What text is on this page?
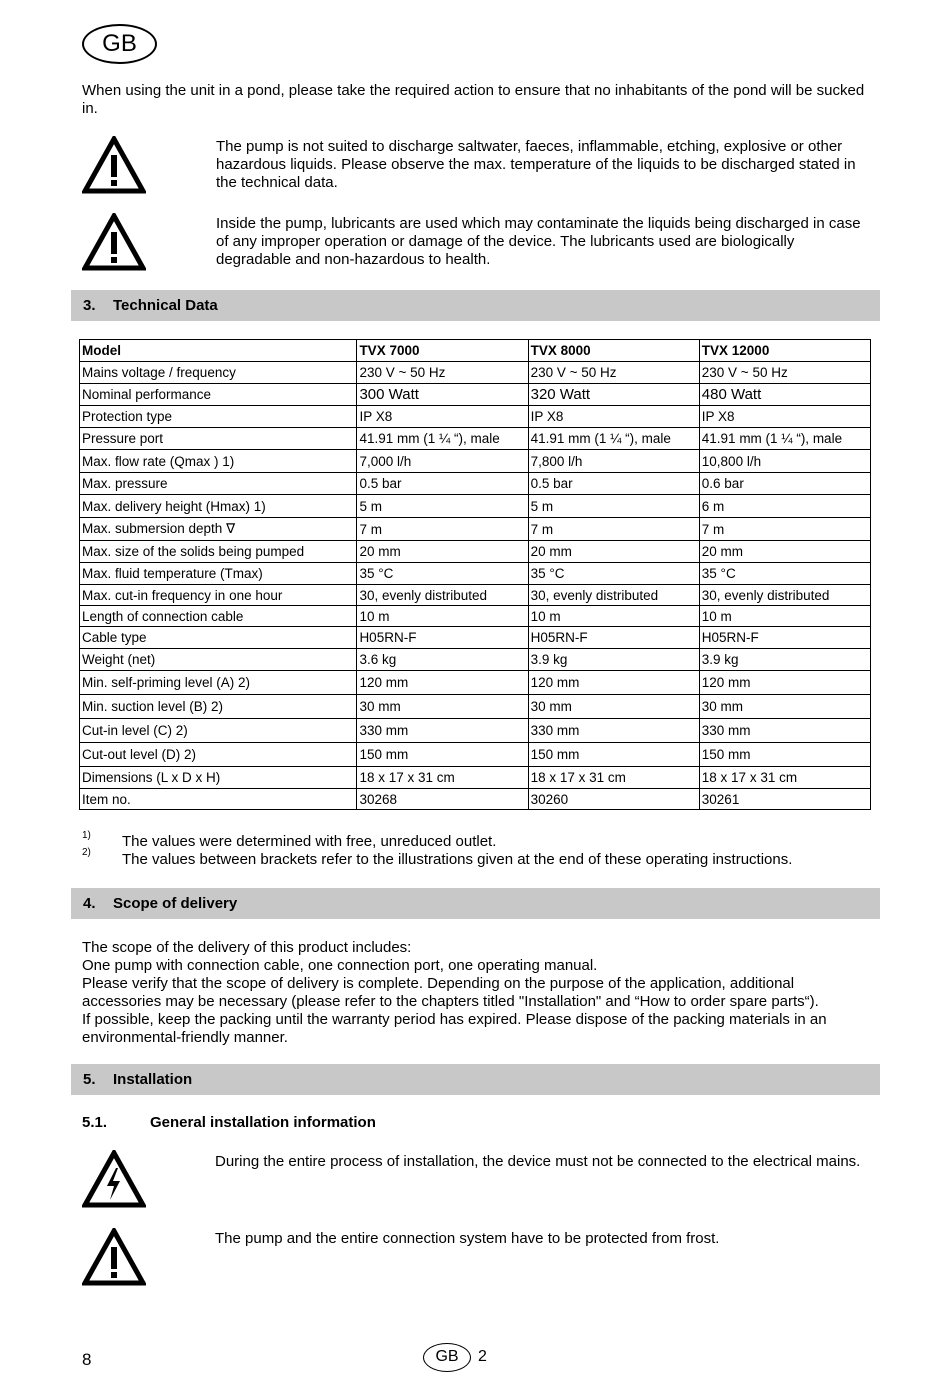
GB
When using the unit in a pond, please take the required action to ensure that no inhabitants of the pond will be sucked in.
The pump is not suited to discharge saltwater, faeces, inflammable, etching, explosive or other hazardous liquids. Please observe the max. temperature of the liquids to be discharged stated in the technical data.
Inside the pump, lubricants are used which may contaminate the liquids being discharged in case of any improper operation or damage of the device. The lubricants used are biologically degradable and non-hazardous to health.
3. Technical Data
Model	TVX 7000	TVX 8000	TVX 12000
Mains voltage / frequency	230 V ~ 50 Hz	230 V ~ 50 Hz	230 V ~ 50 Hz
Nominal performance	300 Watt	320 Watt	480 Watt
Protection type	IP X8	IP X8	IP X8
Pressure port	41.91 mm (1 ¼ “), male	41.91 mm (1 ¼ “), male	41.91 mm (1 ¼ “), male
Max. flow rate (Qmax ) 1)	7,000 l/h	7,800 l/h	10,800 l/h
Max. pressure	0.5 bar	0.5 bar	0.6 bar
Max. delivery height (Hmax) 1)	5 m	5 m	6 m
Max. submersion depth ∇	7 m	7 m	7 m
Max. size of the solids being pumped	20 mm	20 mm	20 mm
Max. fluid temperature (Tmax)	35 °C	35 °C	35 °C
Max. cut-in frequency in one hour	30, evenly distributed	30, evenly distributed	30, evenly distributed
Length of connection cable	10 m	10 m	10 m
Cable type	H05RN-F	H05RN-F	H05RN-F
Weight (net)	3.6 kg	3.9 kg	3.9 kg
Min. self-priming level (A) 2)	120 mm	120 mm	120 mm
Min. suction level (B) 2)	30 mm	30 mm	30 mm
Cut-in level (C) 2)	330 mm	330 mm	330 mm
Cut-out level (D) 2)	150 mm	150 mm	150 mm
Dimensions (L x D x H)	18 x 17 x 31 cm	18 x 17 x 31 cm	18 x 17 x 31 cm
Item no.	30268	30260	30261
1) The values were determined with free, unreduced outlet.
2) The values between brackets refer to the illustrations given at the end of these operating instructions.
4. Scope of delivery
The scope of the delivery of this product includes:
One pump with connection cable, one connection port, one operating manual.
Please verify that the scope of delivery is complete. Depending on the purpose of the application, additional
accessories may be necessary (please refer to the chapters titled "Installation" and “How to order spare parts“).
If possible, keep the packing until the warranty period has expired. Please dispose of the packing materials in an
environmental-friendly manner.
5. Installation
5.1.	General installation information
During the entire process of installation, the device must not be connected to the electrical mains.
The pump and the entire connection system have to be protected from frost.
8	GB	2
